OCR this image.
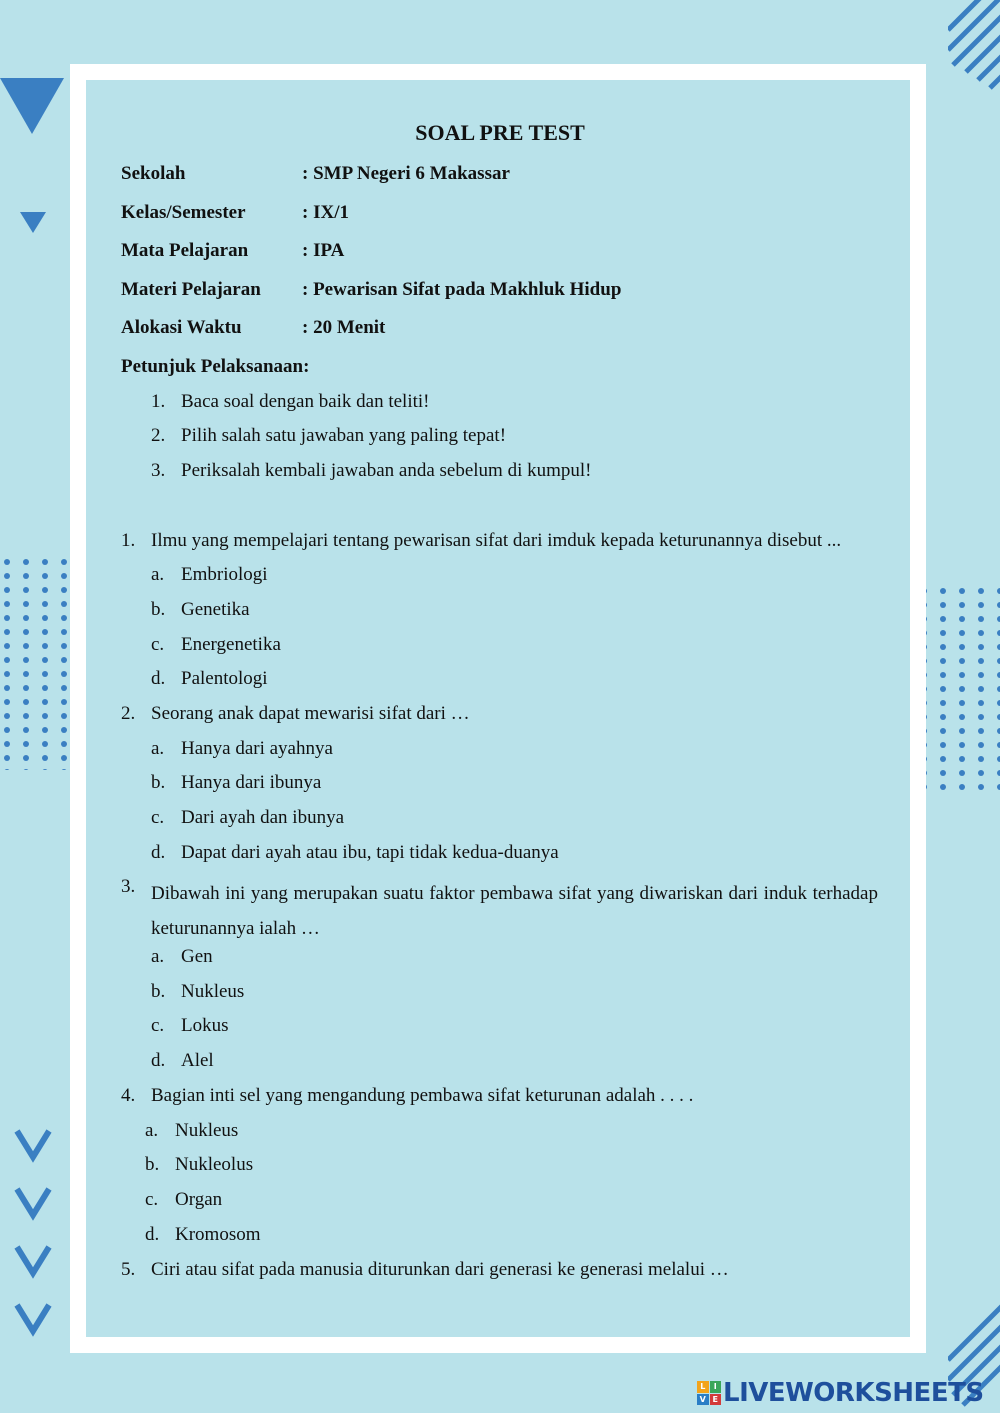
SOAL PRE TEST
Sekolah	: SMP Negeri 6 Makassar
Kelas/Semester	: IX/1
Mata Pelajaran	: IPA
Materi Pelajaran : Pewarisan Sifat pada Makhluk Hidup
Alokasi Waktu	: 20 Menit
Petunjuk Pelaksanaan:
1. Baca soal dengan baik dan teliti!
2. Pilih salah satu jawaban yang paling tepat!
3. Periksalah kembali jawaban anda sebelum di kumpul!
1. Ilmu yang mempelajari tentang pewarisan sifat dari imduk kepada keturunannya disebut ...
a. Embriologi
b. Genetika
c. Energenetika
d. Palentologi
2. Seorang anak dapat mewarisi sifat dari …
a. Hanya dari ayahnya
b. Hanya dari ibunya
c. Dari ayah dan ibunya
d. Dapat dari ayah atau ibu, tapi tidak kedua-duanya
3. Dibawah ini yang merupakan suatu faktor pembawa sifat yang diwariskan dari induk terhadap keturunannya ialah …
a. Gen
b. Nukleus
c. Lokus
d. Alel
4. Bagian inti sel yang mengandung pembawa sifat keturunan adalah . . . .
a. Nukleus
b. Nukleolus
c. Organ
d. Kromosom
5. Ciri atau sifat pada manusia diturunkan dari generasi ke generasi melalui …
L	I
V E LIVEWORKSHEETS
